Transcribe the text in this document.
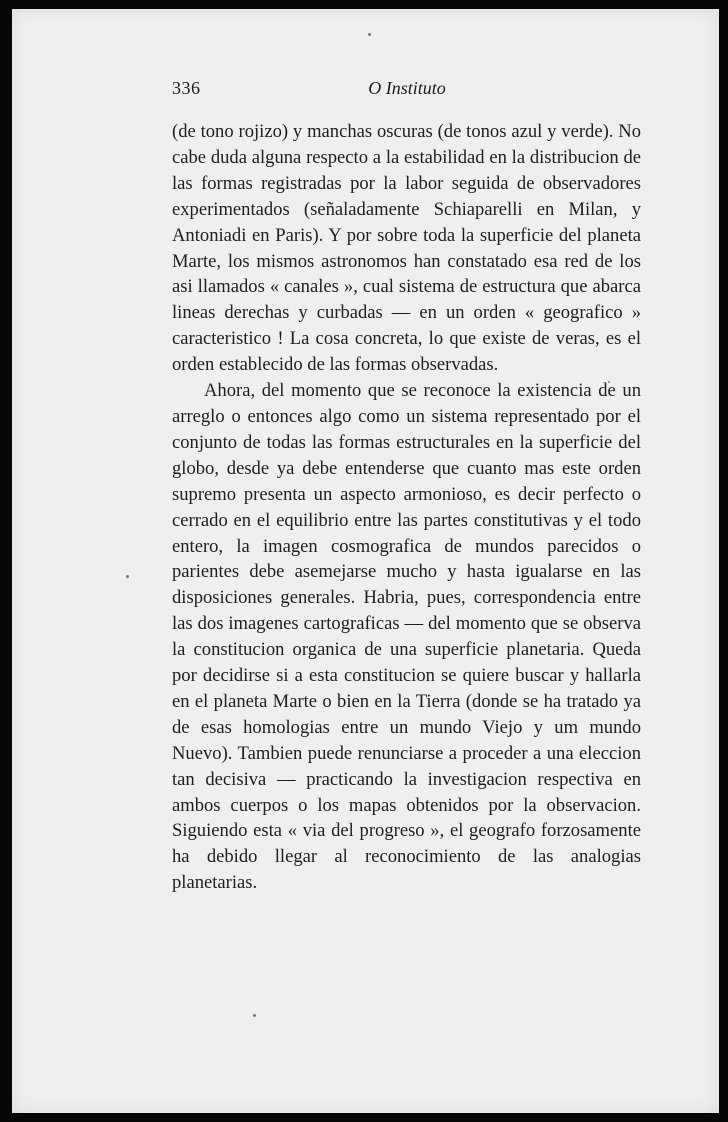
336	O Instituto

(de tono rojizo) y manchas oscuras (de tonos azul y verde). No cabe duda alguna respecto a la estabilidad en la distribucion de las formas registradas por la labor seguida de observadores experimentados (señaladamente Schiaparelli en Milan, y Antoniadi en Paris). Y por sobre toda la superficie del planeta Marte, los mismos astronomos han constatado esa red de los asi llamados « canales », cual sistema de estructura que abarca lineas derechas y curbadas — en un orden « geografico » caracteristico ! La cosa concreta, lo que existe de veras, es el orden establecido de las formas observadas.

Ahora, del momento que se reconoce la existencia de un arreglo o entonces algo como un sistema representado por el conjunto de todas las formas estructurales en la superficie del globo, desde ya debe entenderse que cuanto mas este orden supremo presenta un aspecto armonioso, es decir perfecto o cerrado en el equilibrio entre las partes constitutivas y el todo entero, la imagen cosmografica de mundos parecidos o parientes debe asemejarse mucho y hasta igualarse en las disposiciones generales. Habria, pues, correspondencia entre las dos imagenes cartograficas — del momento que se observa la constitucion organica de una superficie planetaria. Queda por decidirse si a esta constitucion se quiere buscar y hallarla en el planeta Marte o bien en la Tierra (donde se ha tratado ya de esas homologias entre un mundo Viejo y um mundo Nuevo). Tambien puede renunciarse a proceder a una eleccion tan decisiva — practicando la investigacion respectiva en ambos cuerpos o los mapas obtenidos por la observacion. Siguiendo esta « via del progreso », el geografo forzosamente ha debido llegar al reconocimiento de las analogias planetarias.
